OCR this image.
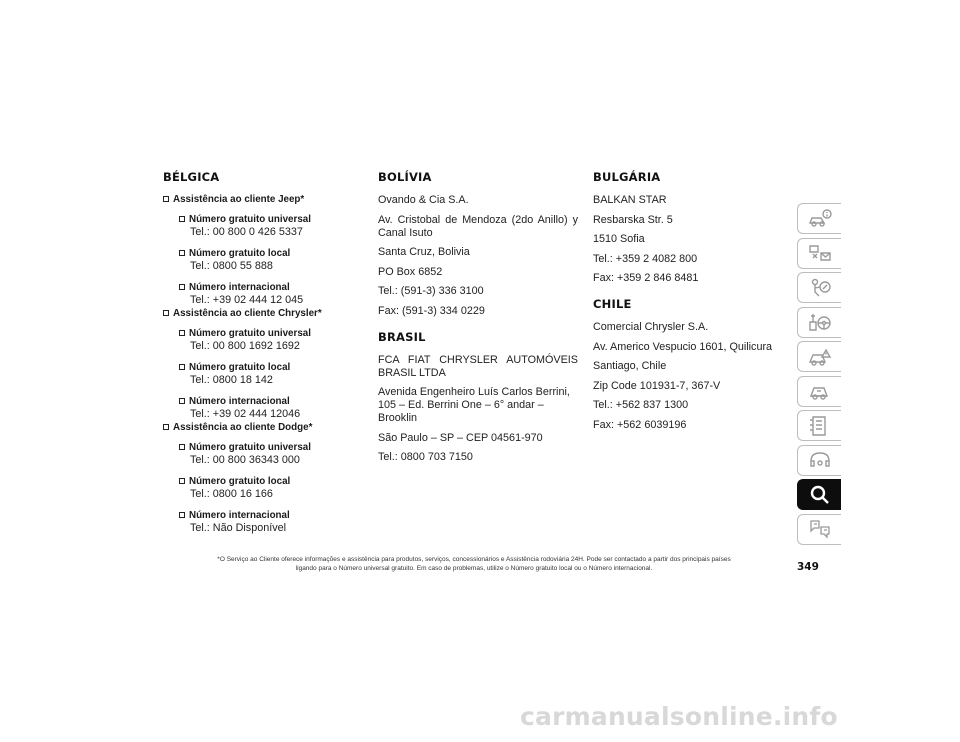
BÉLGICA
Assistência ao cliente Jeep*
Número gratuito universal
Tel.: 00 800 0 426 5337
Número gratuito local
Tel.: 0800 55 888
Número internacional
Tel.: +39 02 444 12 045
Assistência ao cliente Chrysler*
Número gratuito universal
Tel.: 00 800 1692 1692
Número gratuito local
Tel.: 0800 18 142
Número internacional
Tel.: +39 02 444 12046
Assistência ao cliente Dodge*
Número gratuito universal
Tel.: 00 800 36343 000
Número gratuito local
Tel.: 0800 16 166
Número internacional
Tel.: Não Disponível
BOLÍVIA
Ovando & Cia S.A.
Av. Cristobal de Mendoza (2do Anillo) y
Canal Isuto
Santa Cruz, Bolivia
PO Box 6852
Tel.: (591-3) 336 3100
Fax: (591-3) 334 0229
BRASIL
FCA FIAT CHRYSLER AUTOMÓVEIS
BRASIL LTDA
Avenida Engenheiro Luís Carlos Berrini,
105 – Ed. Berrini One – 6° andar – Brooklin
São Paulo – SP – CEP 04561-970
Tel.: 0800 703 7150
BULGÁRIA
BALKAN STAR
Resbarska Str. 5
1510 Sofia
Tel.: +359 2 4082 800
Fax: +359 2 846 8481
CHILE
Comercial Chrysler S.A.
Av. Americo Vespucio 1601, Quilicura
Santiago, Chile
Zip Code 101931-7, 367-V
Tel.: +562 837 1300
Fax: +562 6039196
*O Serviço ao Cliente oferece informações e assistência para produtos, serviços, concessionários e Assistência rodoviária 24H. Pode ser contactado a partir dos principais países
ligando para o Número universal gratuito. Em caso de problemas, utilize o Número gratuito local ou o Número internacional.	349
carmanualsonline.info
